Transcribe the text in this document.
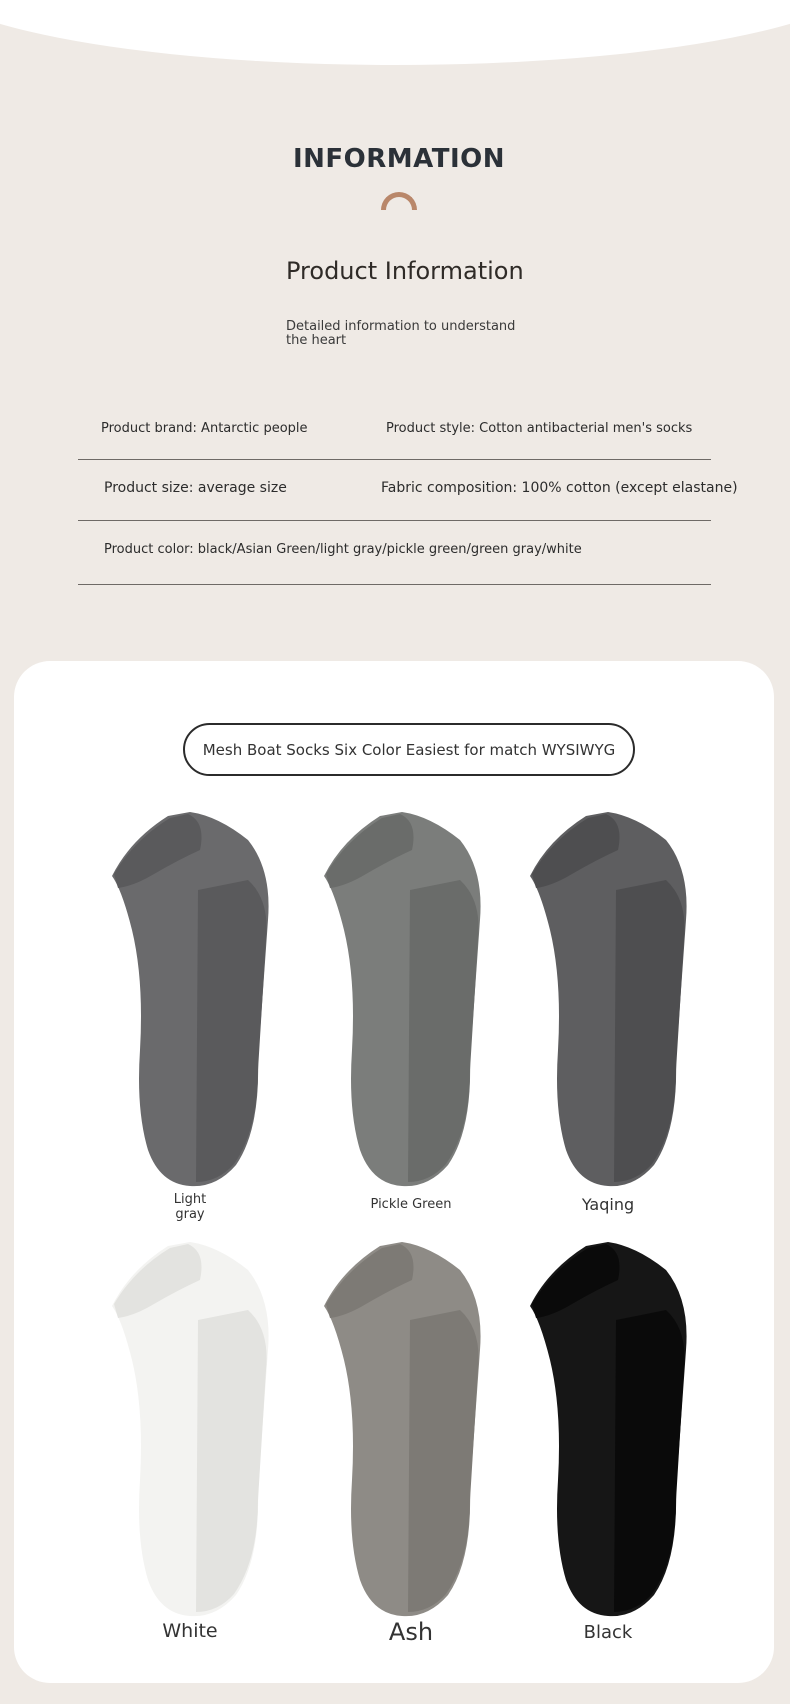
INFORMATION
Product Information
Detailed information to understand the heart
Product brand: Antarctic people	Product style: Cotton antibacterial men's socks
Product size: average size	Fabric composition: 100% cotton (except elastane)
Product color: black/Asian Green/light gray/pickle green/green gray/white
Mesh Boat Socks Six Color Easiest for match WYSIWYG
Light gray
Pickle Green	Yaqing
White	Ash	Black
